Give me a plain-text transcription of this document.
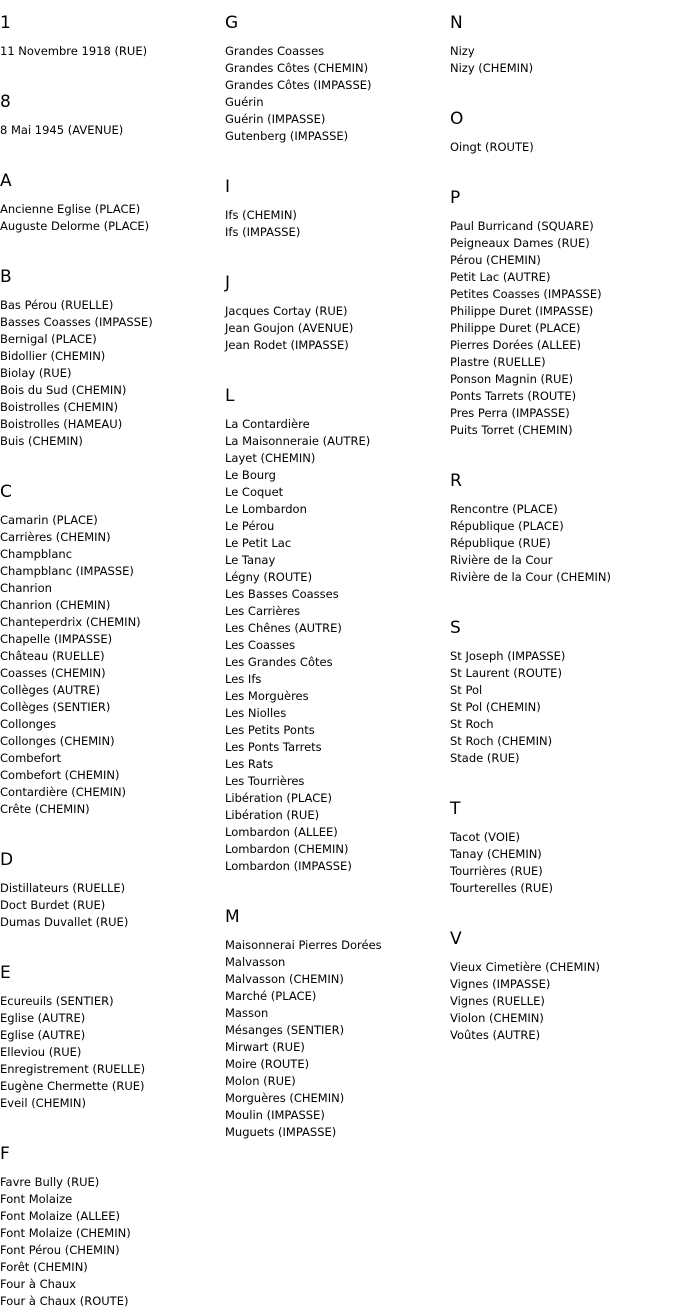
1
11 Novembre 1918 (RUE)
8
8 Mai 1945 (AVENUE)
A
Ancienne Eglise (PLACE)
Auguste Delorme (PLACE)
B
Bas Pérou (RUELLE)
Basses Coasses (IMPASSE)
Bernigal (PLACE)
Bidollier (CHEMIN)
Biolay (RUE)
Bois du Sud (CHEMIN)
Boistrolles (CHEMIN)
Boistrolles (HAMEAU)
Buis (CHEMIN)
C
Camarin (PLACE)
Carrières (CHEMIN)
Champblanc
Champblanc (IMPASSE)
Chanrion
Chanrion (CHEMIN)
Chanteperdrix (CHEMIN)
Chapelle (IMPASSE)
Château (RUELLE)
Coasses (CHEMIN)
Collèges (AUTRE)
Collèges (SENTIER)
Collonges
Collonges (CHEMIN)
Combefort
Combefort (CHEMIN)
Contardière (CHEMIN)
Crête (CHEMIN)
D
Distillateurs (RUELLE)
Doct Burdet (RUE)
Dumas Duvallet (RUE)
E
Ecureuils (SENTIER)
Eglise (AUTRE)
Eglise (AUTRE)
Elleviou (RUE)
Enregistrement (RUELLE)
Eugène Chermette (RUE)
Eveil (CHEMIN)
F
Favre Bully (RUE)
Font Molaize
Font Molaize (ALLEE)
Font Molaize (CHEMIN)
Font Pérou (CHEMIN)
Forêt (CHEMIN)
Four à Chaux
Four à Chaux (ROUTE)
G
Grandes Coasses
Grandes Côtes (CHEMIN)
Grandes Côtes (IMPASSE)
Guérin
Guérin (IMPASSE)
Gutenberg (IMPASSE)
I
Ifs (CHEMIN)
Ifs (IMPASSE)
J
Jacques Cortay (RUE)
Jean Goujon (AVENUE)
Jean Rodet (IMPASSE)
L
La Contardière
La Maisonneraie (AUTRE)
Layet (CHEMIN)
Le Bourg
Le Coquet
Le Lombardon
Le Pérou
Le Petit Lac
Le Tanay
Légny (ROUTE)
Les Basses Coasses
Les Carrières
Les Chênes (AUTRE)
Les Coasses
Les Grandes Côtes
Les Ifs
Les Morguères
Les Niolles
Les Petits Ponts
Les Ponts Tarrets
Les Rats
Les Tourrières
Libération (PLACE)
Libération (RUE)
Lombardon (ALLEE)
Lombardon (CHEMIN)
Lombardon (IMPASSE)
M
Maisonnerai Pierres Dorées
Malvasson
Malvasson (CHEMIN)
Marché (PLACE)
Masson
Mésanges (SENTIER)
Mirwart (RUE)
Moire (ROUTE)
Molon (RUE)
Morguères (CHEMIN)
Moulin (IMPASSE)
Muguets (IMPASSE)
N
Nizy
Nizy (CHEMIN)
O
Oingt (ROUTE)
P
Paul Burricand (SQUARE)
Peigneaux Dames (RUE)
Pérou (CHEMIN)
Petit Lac (AUTRE)
Petites Coasses (IMPASSE)
Philippe Duret (IMPASSE)
Philippe Duret (PLACE)
Pierres Dorées (ALLEE)
Plastre (RUELLE)
Ponson Magnin (RUE)
Ponts Tarrets (ROUTE)
Pres Perra (IMPASSE)
Puits Torret (CHEMIN)
R
Rencontre (PLACE)
République (PLACE)
République (RUE)
Rivière de la Cour
Rivière de la Cour (CHEMIN)
S
St Joseph (IMPASSE)
St Laurent (ROUTE)
St Pol
St Pol (CHEMIN)
St Roch
St Roch (CHEMIN)
Stade (RUE)
T
Tacot (VOIE)
Tanay (CHEMIN)
Tourrières (RUE)
Tourterelles (RUE)
V
Vieux Cimetière (CHEMIN)
Vignes (IMPASSE)
Vignes (RUELLE)
Violon (CHEMIN)
Voûtes (AUTRE)
